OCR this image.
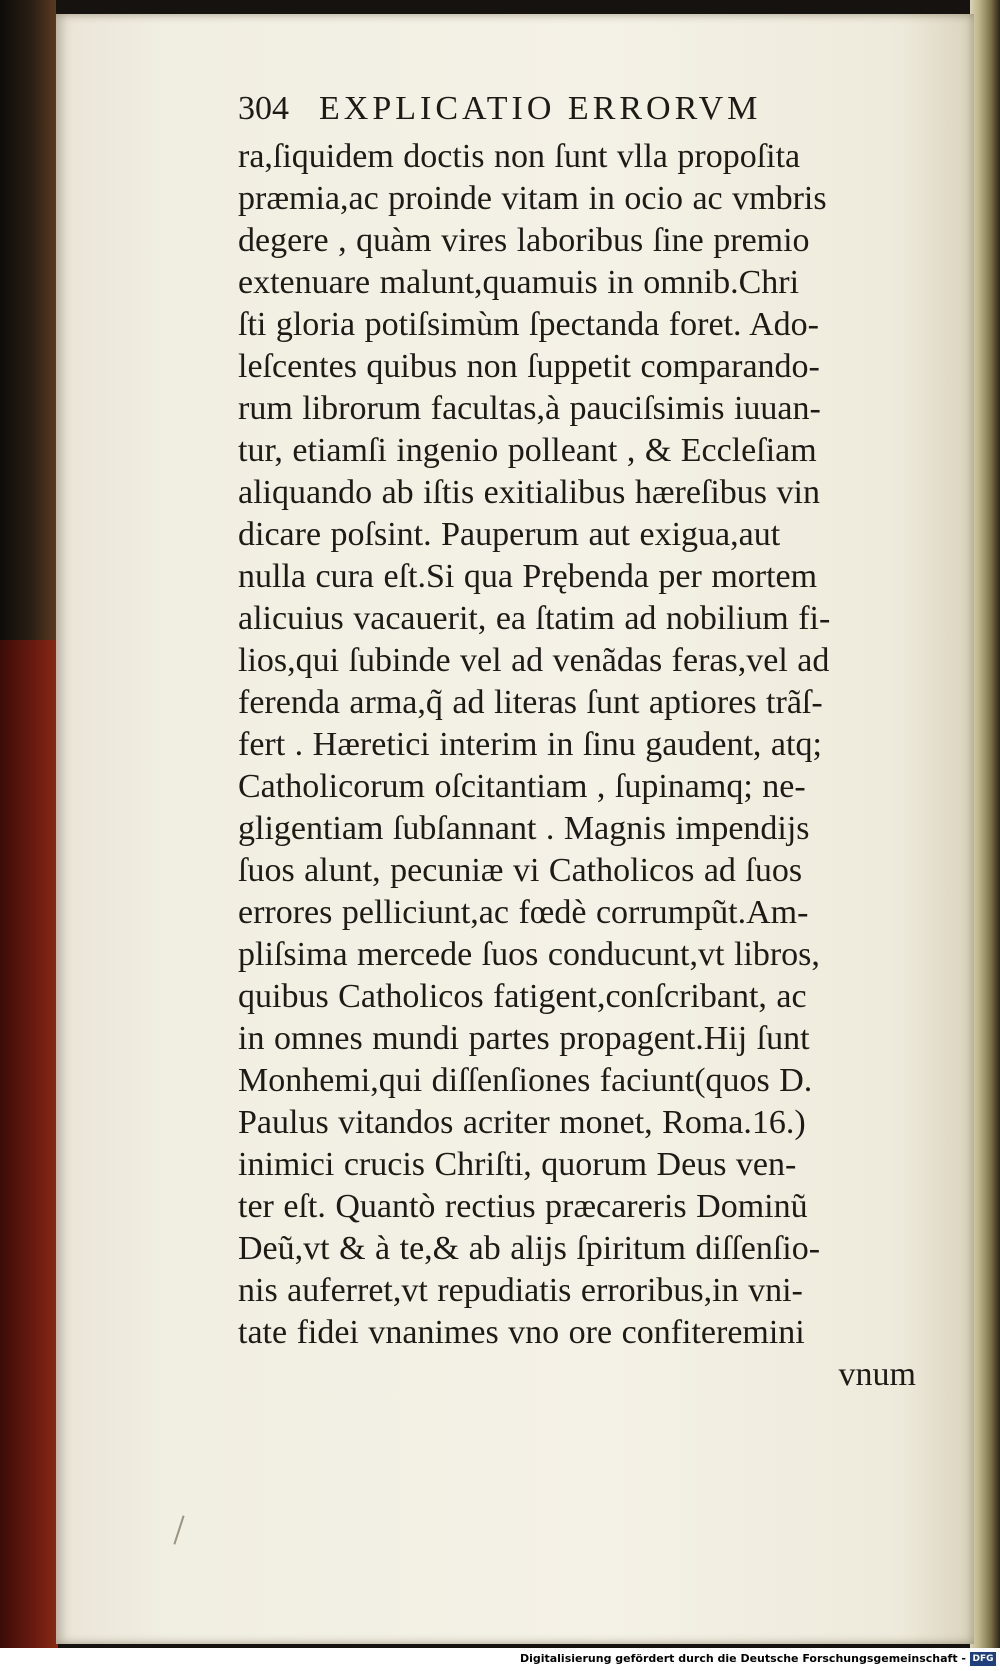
304 EXPLICATIO ERRORVM
ra,ſiquidem doctis non ſunt vlla propoſita
præmia,ac proinde vitam in ocio ac vmbris
degere , quàm vires laboribus ſine premio
extenuare malunt,quamuis in omnib.Chri
ſti gloria potiſsimùm ſpectanda foret. Ado-
leſcentes quibus non ſuppetit comparando-
rum librorum facultas,à pauciſsimis iuuan-
tur, etiamſi ingenio polleant , & Eccleſiam
aliquando ab iſtis exitialibus hæreſibus vin
dicare poſsint. Pauperum aut exigua,aut
nulla cura eſt.Si qua Prębenda per mortem
alicuius vacauerit, ea ſtatim ad nobilium fi-
lios,qui ſubinde vel ad venãdas feras,vel ad
ferenda arma,q̃ ad literas ſunt aptiores trãſ-
fert . Hæretici interim in ſinu gaudent, atq;
Catholicorum oſcitantiam , ſupinamq; ne-
gligentiam ſubſannant . Magnis impendijs
ſuos alunt, pecuniæ vi Catholicos ad ſuos
errores pelliciunt,ac fœdè corrumpũt.Am-
pliſsima mercede ſuos conducunt,vt libros,
quibus Catholicos fatigent,conſcribant, ac
in omnes mundi partes propagent.Hij ſunt
Monhemi,qui diſſenſiones faciunt(quos D.
Paulus vitandos acriter monet, Roma.16.)
inimici crucis Chriſti, quorum Deus ven-
ter eſt. Quantò rectius præcareris Dominũ
Deũ,vt & à te,& ab alijs ſpiritum diſſenſio-
nis auferret,vt repudiatis erroribus,in vni-
tate fidei vnanimes vno ore confiteremini
vnum
Digitalisierung gefördert durch die Deutsche Forschungsgemeinschaft - DFG
